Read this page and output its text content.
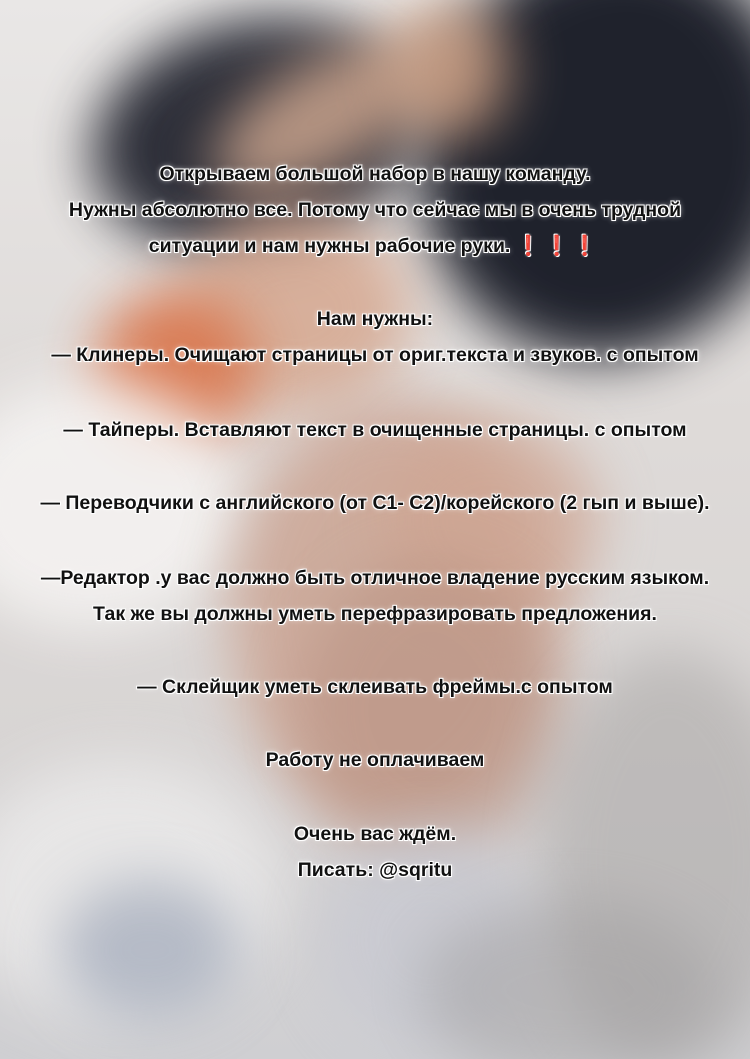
Открываем большой набор в нашу команду.
Нужны абсолютно все. Потому что сейчас мы в очень трудной
ситуации и нам нужны рабочие руки. ❗❗❗
Нам нужны:
— Клинеры. Очищают страницы от ориг.текста и звуков. с опытом
— Тайперы. Вставляют текст в очищенные страницы. с опытом
— Переводчики с английского (от С1- С2)/корейского (2 гып и выше).
—Редактор .у вас должно быть отличное владение русским языком.
Так же вы должны уметь перефразировать предложения.
— Склейщик уметь склеивать фреймы.с опытом
Работу не оплачиваем
Очень вас ждём.
Писать: @sqritu
